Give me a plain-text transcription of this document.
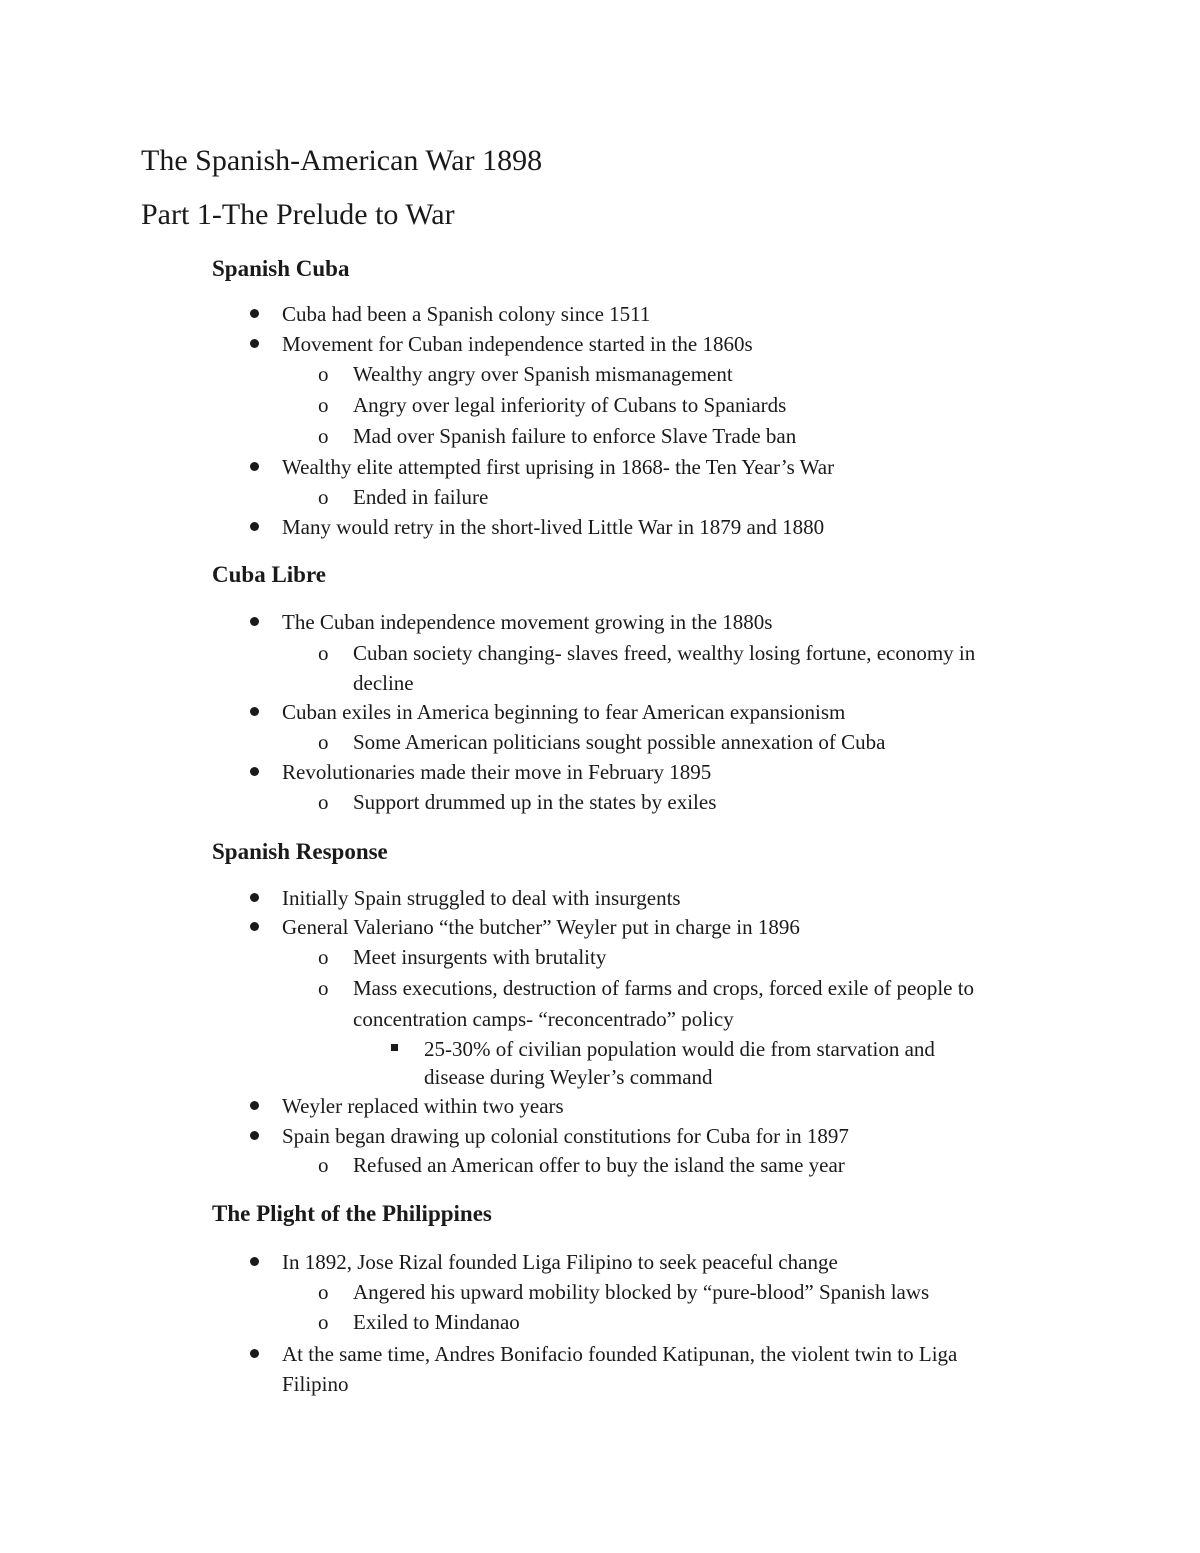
The Spanish-American War 1898
Part 1-The Prelude to War
Spanish Cuba
Cuba had been a Spanish colony since 1511
Movement for Cuban independence started in the 1860s
o Wealthy angry over Spanish mismanagement
o Angry over legal inferiority of Cubans to Spaniards
o Mad over Spanish failure to enforce Slave Trade ban
Wealthy elite attempted first uprising in 1868- the Ten Year’s War
o Ended in failure
Many would retry in the short-lived Little War in 1879 and 1880
Cuba Libre
The Cuban independence movement growing in the 1880s
o Cuban society changing- slaves freed, wealthy losing fortune, economy in
decline
Cuban exiles in America beginning to fear American expansionism
o Some American politicians sought possible annexation of Cuba
Revolutionaries made their move in February 1895
o Support drummed up in the states by exiles
Spanish Response
Initially Spain struggled to deal with insurgents
General Valeriano “the butcher” Weyler put in charge in 1896
o Meet insurgents with brutality
o Mass executions, destruction of farms and crops, forced exile of people to
concentration camps- “reconcentrado” policy
25-30% of civilian population would die from starvation and
disease during Weyler’s command
Weyler replaced within two years
Spain began drawing up colonial constitutions for Cuba for in 1897
o Refused an American offer to buy the island the same year
The Plight of the Philippines
In 1892, Jose Rizal founded Liga Filipino to seek peaceful change
o Angered his upward mobility blocked by “pure-blood” Spanish laws
o Exiled to Mindanao
At the same time, Andres Bonifacio founded Katipunan, the violent twin to Liga
Filipino
